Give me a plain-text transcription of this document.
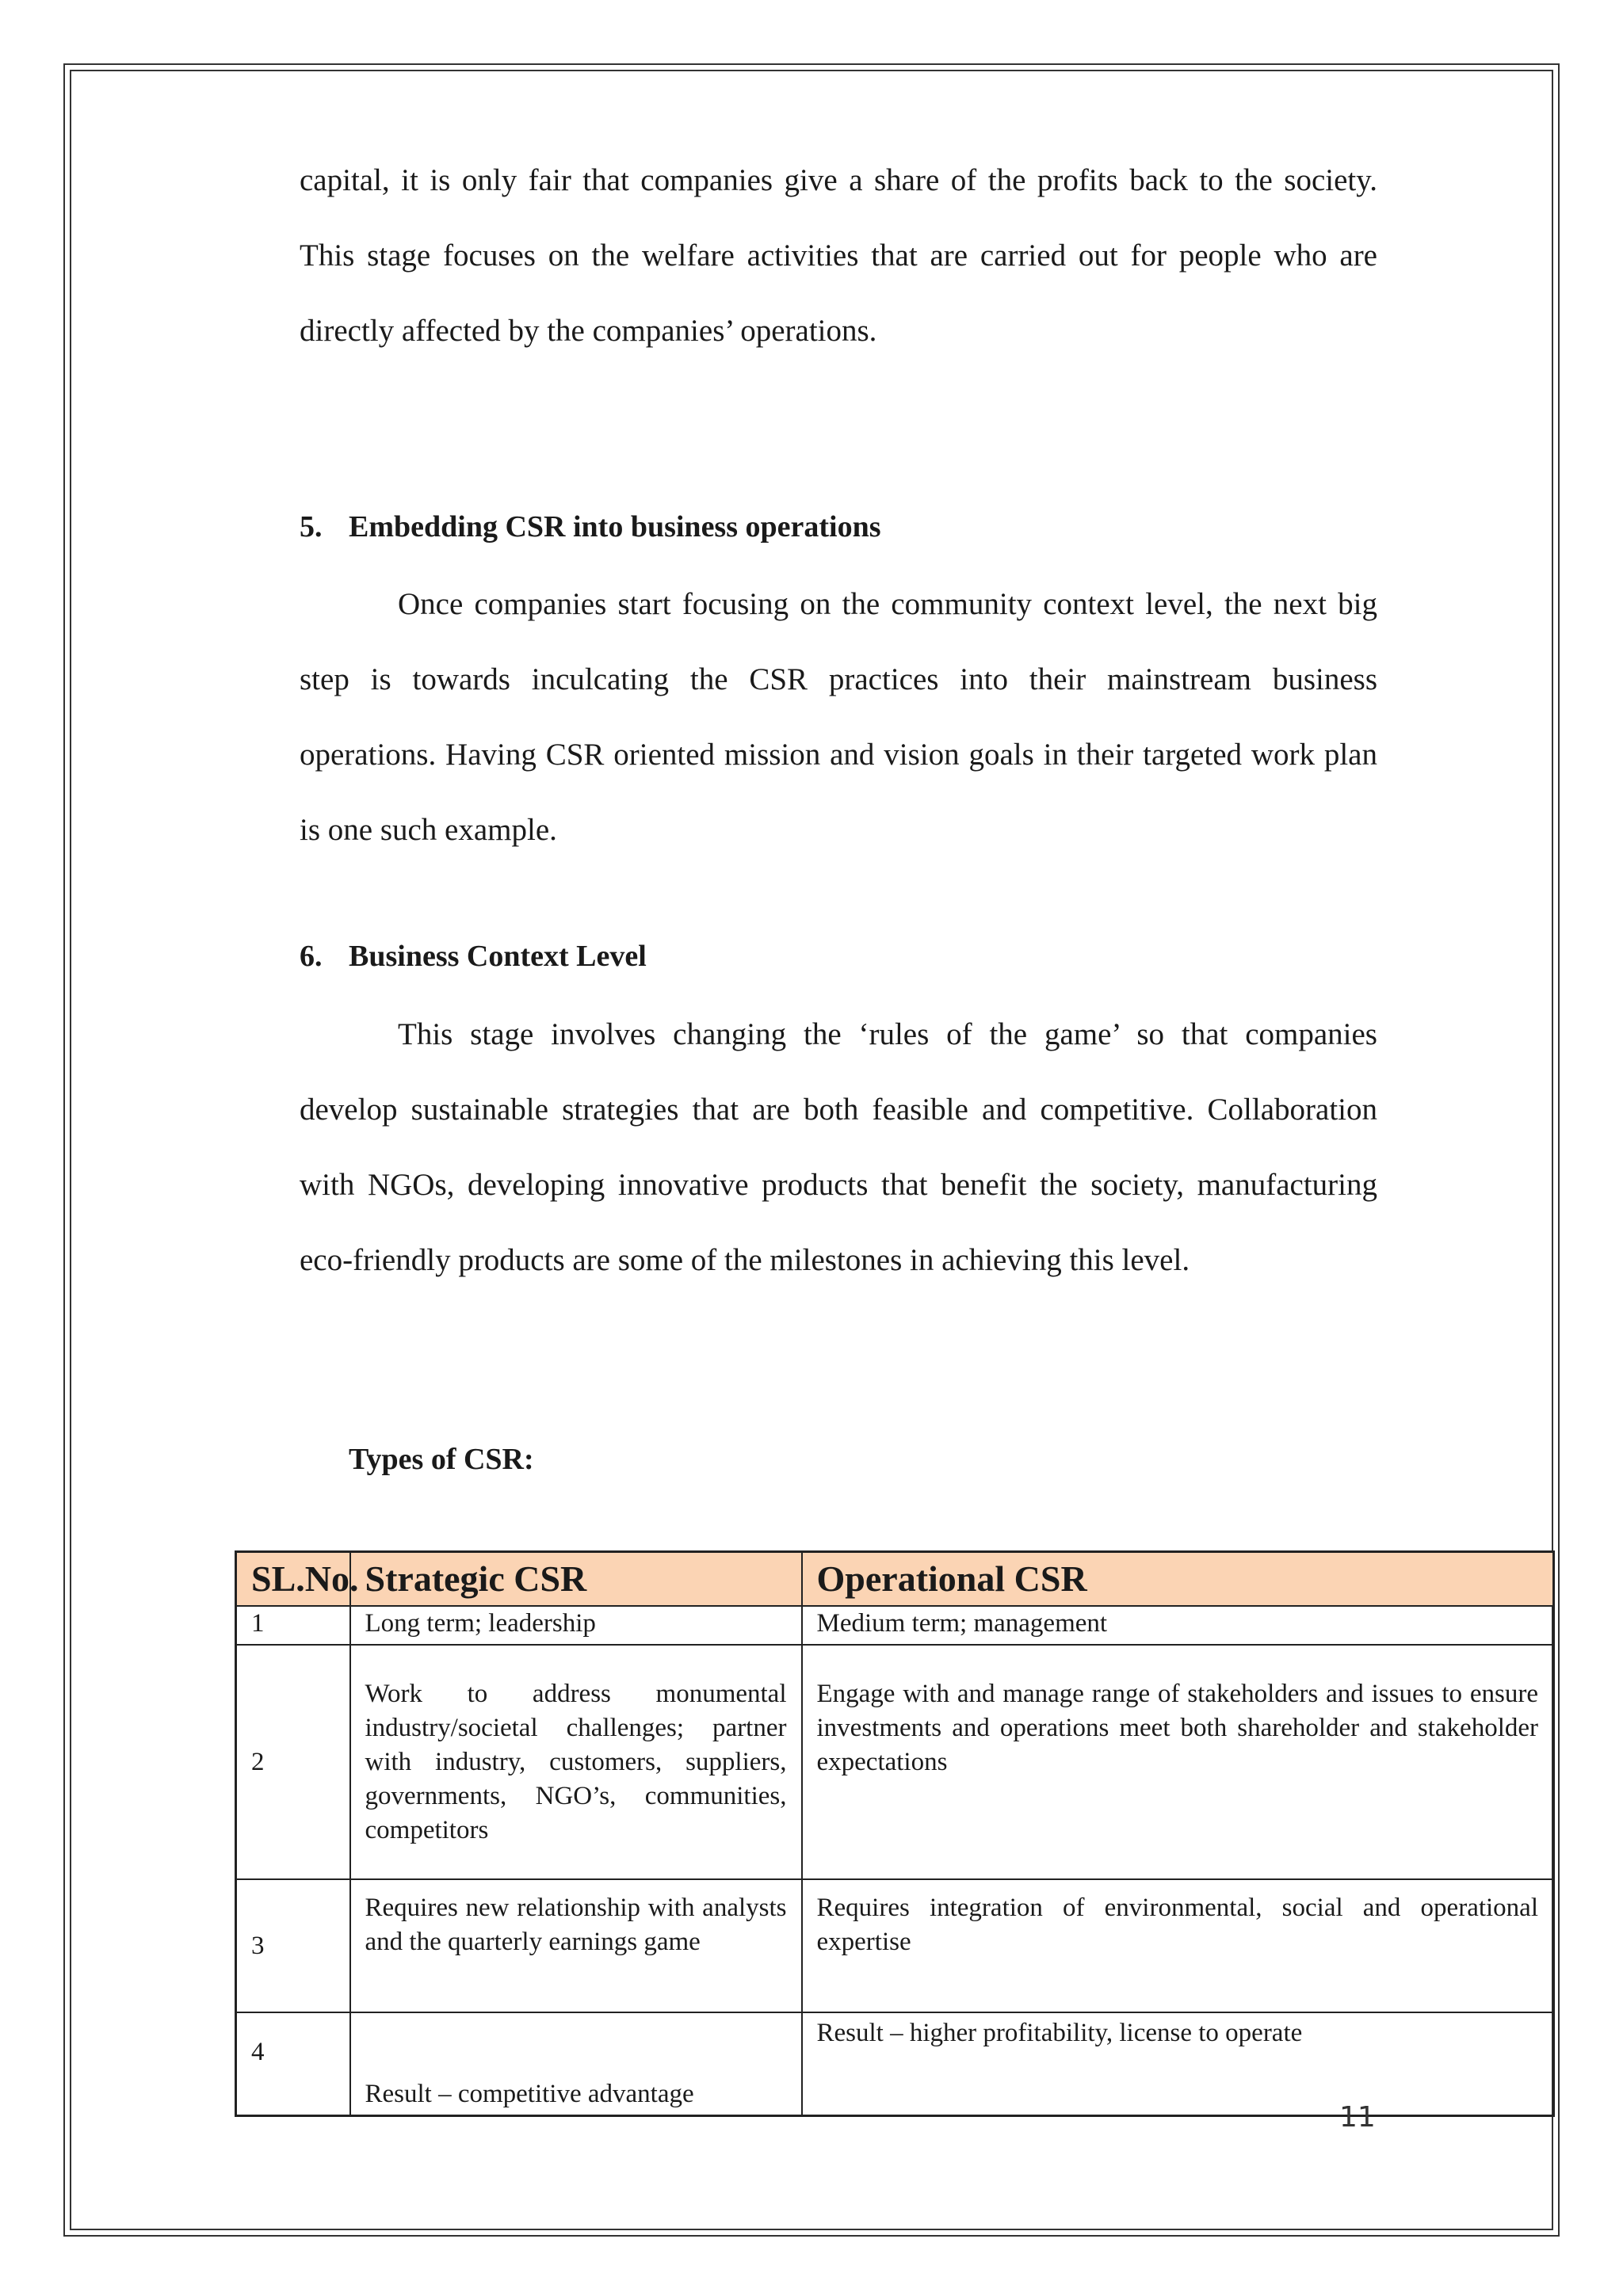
capital, it is only fair that companies give a share of the profits back to the society. This stage focuses on the welfare activities that are carried out for people who are directly affected by the companies’ operations.

5. Embedding CSR into business operations

Once companies start focusing on the community context level, the next big step is towards inculcating the CSR practices into their mainstream business operations. Having CSR oriented mission and vision goals in their targeted work plan is one such example.

6. Business Context Level

This stage involves changing the ‘rules of the game’ so that companies develop sustainable strategies that are both feasible and competitive. Collaboration with NGOs, developing innovative products that benefit the society, manufacturing eco-friendly products are some of the milestones in achieving this level.

Types of CSR:

SL.No.	Strategic CSR	Operational CSR
1	Long term; leadership	Medium term; management
2	Work to address monumental industry/societal challenges; partner with industry, customers, suppliers, governments, NGO’s, communities, competitors	Engage with and manage range of stakeholders and issues to ensure investments and operations meet both shareholder and stakeholder expectations
3	Requires new relationship with analysts and the quarterly earnings game	Requires integration of environmental, social and operational expertise
4	Result – competitive advantage	Result – higher profitability, license to operate
11
